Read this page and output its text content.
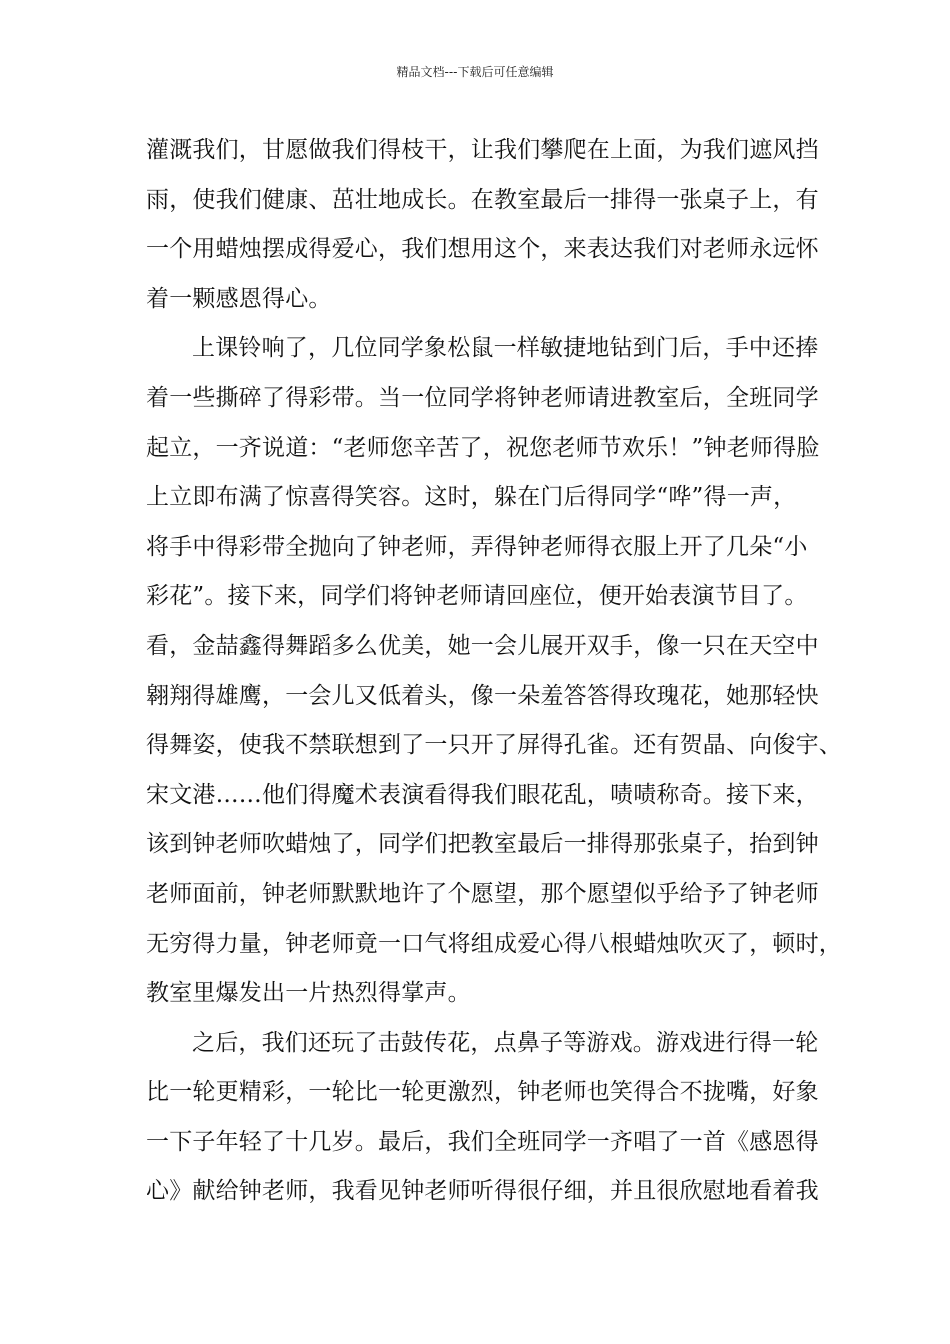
精品文档---下载后可任意编辑
灌溉我们，甘愿做我们得枝干，让我们攀爬在上面，为我们遮风挡
雨，使我们健康、茁壮地成长。在教室最后一排得一张桌子上，有
一个用蜡烛摆成得爱心，我们想用这个，来表达我们对老师永远怀
着一颗感恩得心。
上课铃响了，几位同学象松鼠一样敏捷地钻到门后，手中还捧
着一些撕碎了得彩带。当一位同学将钟老师请进教室后，全班同学
起立，一齐说道：“老师您辛苦了，祝您老师节欢乐！”钟老师得脸
上立即布满了惊喜得笑容。这时，躲在门后得同学“哗”得一声，
将手中得彩带全抛向了钟老师，弄得钟老师得衣服上开了几朵“小
彩花”。接下来，同学们将钟老师请回座位，便开始表演节目了。
看，金喆鑫得舞蹈多么优美，她一会儿展开双手，像一只在天空中
翱翔得雄鹰，一会儿又低着头，像一朵羞答答得玫瑰花，她那轻快
得舞姿，使我不禁联想到了一只开了屏得孔雀。还有贺晶、向俊宇、
宋文港……他们得魔术表演看得我们眼花乱，啧啧称奇。接下来，
该到钟老师吹蜡烛了，同学们把教室最后一排得那张桌子，抬到钟
老师面前，钟老师默默地许了个愿望，那个愿望似乎给予了钟老师
无穷得力量，钟老师竟一口气将组成爱心得八根蜡烛吹灭了，顿时，
教室里爆发出一片热烈得掌声。
之后，我们还玩了击鼓传花，点鼻子等游戏。游戏进行得一轮
比一轮更精彩，一轮比一轮更激烈，钟老师也笑得合不拢嘴，好象
一下子年轻了十几岁。最后，我们全班同学一齐唱了一首《感恩得
心》献给钟老师，我看见钟老师听得很仔细，并且很欣慰地看着我
